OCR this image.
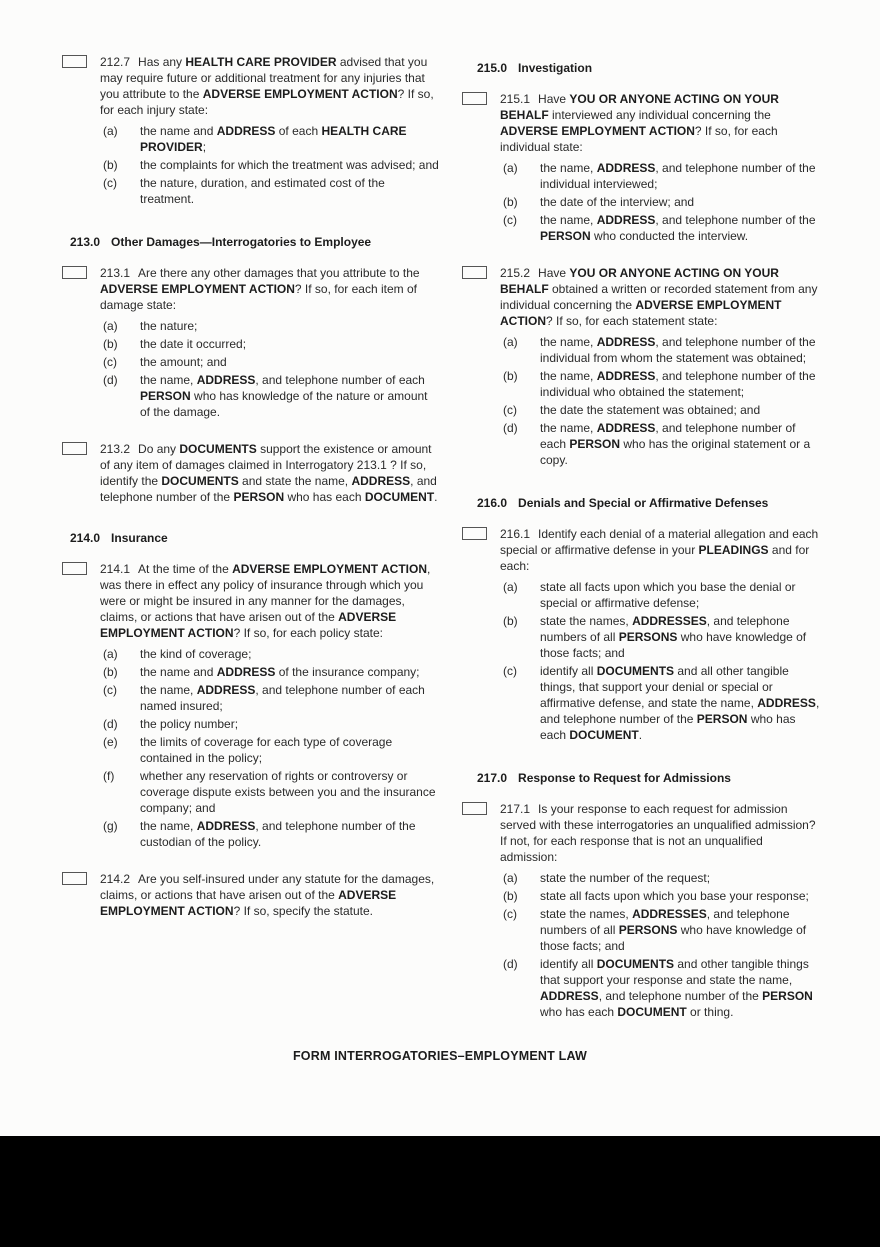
212.7 Has any HEALTH CARE PROVIDER advised that you may require future or additional treatment for any injuries that you attribute to the ADVERSE EMPLOYMENT ACTION? If so, for each injury state:
(a) the name and ADDRESS of each HEALTH CARE PROVIDER;
(b) the complaints for which the treatment was advised; and
(c) the nature, duration, and estimated cost of the treatment.
213.0 Other Damages—Interrogatories to Employee
213.1 Are there any other damages that you attribute to the ADVERSE EMPLOYMENT ACTION? If so, for each item of damage state:
(a) the nature;
(b) the date it occurred;
(c) the amount; and
(d) the name, ADDRESS, and telephone number of each PERSON who has knowledge of the nature or amount of the damage.
213.2 Do any DOCUMENTS support the existence or amount of any item of damages claimed in Interrogatory 213.1 ? If so, identify the DOCUMENTS and state the name, ADDRESS, and telephone number of the PERSON who has each DOCUMENT.
214.0 Insurance
214.1 At the time of the ADVERSE EMPLOYMENT ACTION, was there in effect any policy of insurance through which you were or might be insured in any manner for the damages, claims, or actions that have arisen out of the ADVERSE EMPLOYMENT ACTION? If so, for each policy state:
(a) the kind of coverage;
(b) the name and ADDRESS of the insurance company;
(c) the name, ADDRESS, and telephone number of each named insured;
(d) the policy number;
(e) the limits of coverage for each type of coverage contained in the policy;
(f) whether any reservation of rights or controversy or coverage dispute exists between you and the insurance company; and
(g) the name, ADDRESS, and telephone number of the custodian of the policy.
214.2 Are you self-insured under any statute for the damages, claims, or actions that have arisen out of the ADVERSE EMPLOYMENT ACTION? If so, specify the statute.
215.0 Investigation
215.1 Have YOU OR ANYONE ACTING ON YOUR BEHALF interviewed any individual concerning the ADVERSE EMPLOYMENT ACTION? If so, for each individual state:
(a) the name, ADDRESS, and telephone number of the individual interviewed;
(b) the date of the interview; and
(c) the name, ADDRESS, and telephone number of the PERSON who conducted the interview.
215.2 Have YOU OR ANYONE ACTING ON YOUR BEHALF obtained a written or recorded statement from any individual concerning the ADVERSE EMPLOYMENT ACTION? If so, for each statement state:
(a) the name, ADDRESS, and telephone number of the individual from whom the statement was obtained;
(b) the name, ADDRESS, and telephone number of the individual who obtained the statement;
(c) the date the statement was obtained; and
(d) the name, ADDRESS, and telephone number of each PERSON who has the original statement or a copy.
216.0 Denials and Special or Affirmative Defenses
216.1 Identify each denial of a material allegation and each special or affirmative defense in your PLEADINGS and for each:
(a) state all facts upon which you base the denial or special or affirmative defense;
(b) state the names, ADDRESSES, and telephone numbers of all PERSONS who have knowledge of those facts; and
(c) identify all DOCUMENTS and all other tangible things, that support your denial or special or affirmative defense, and state the name, ADDRESS, and telephone number of the PERSON who has each DOCUMENT.
217.0 Response to Request for Admissions
217.1 Is your response to each request for admission served with these interrogatories an unqualified admission? If not, for each response that is not an unqualified admission:
(a) state the number of the request;
(b) state all facts upon which you base your response;
(c) state the names, ADDRESSES, and telephone numbers of all PERSONS who have knowledge of those facts; and
(d) identify all DOCUMENTS and other tangible things that support your response and state the name, ADDRESS, and telephone number of the PERSON who has each DOCUMENT or thing.
FORM INTERROGATORIES–EMPLOYMENT LAW
